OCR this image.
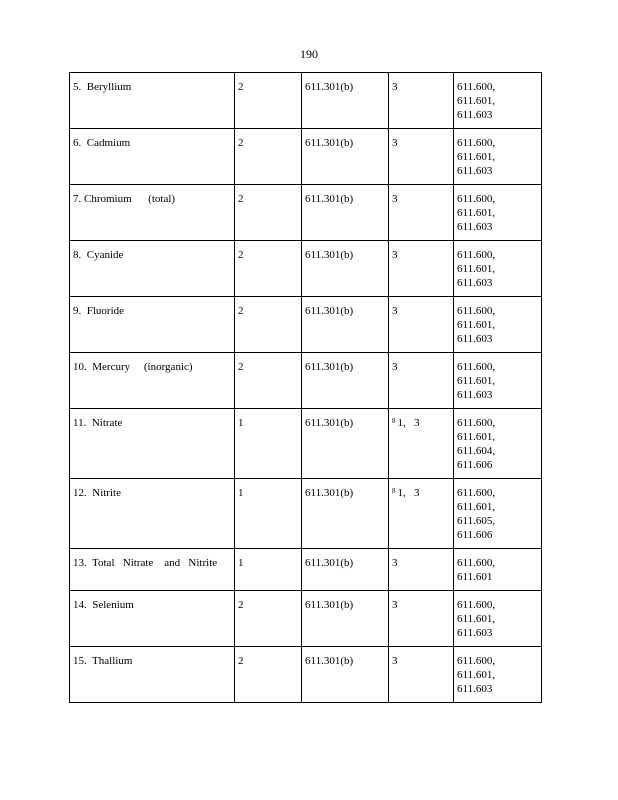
190
5.  Beryllium	2	611.301(b)	3	611.600,
611.601,
611.603

6.  Cadmium	2	611.301(b)	3	611.600,
611.601,
611.603

7. Chromium      (total)	2	611.301(b)	3	611.600,
611.601,
611.603

8.  Cyanide	2	611.301(b)	3	611.600,
611.601,
611.603

9.  Fluoride	2	611.301(b)	3	611.600,
611.601,
611.603

10.  Mercury     (inorganic)	2	611.301(b)	3	611.600,
611.601,
611.603

11.  Nitrate	1	611.301(b)	$^8$ 1,   3	611.600,
611.601,
611.604,
611.606

12.  Nitrite	1	611.301(b)	$^8$ 1,   3	611.600,
611.601,
611.605,
611.606

13.  Total   Nitrate    and   Nitrite	1	611.301(b)	3	611.600,
611.601

14.  Selenium	2	611.301(b)	3	611.600,
611.601,
611.603

15.  Thallium	2	611.301(b)	3	611.600,
611.601,
611.603
